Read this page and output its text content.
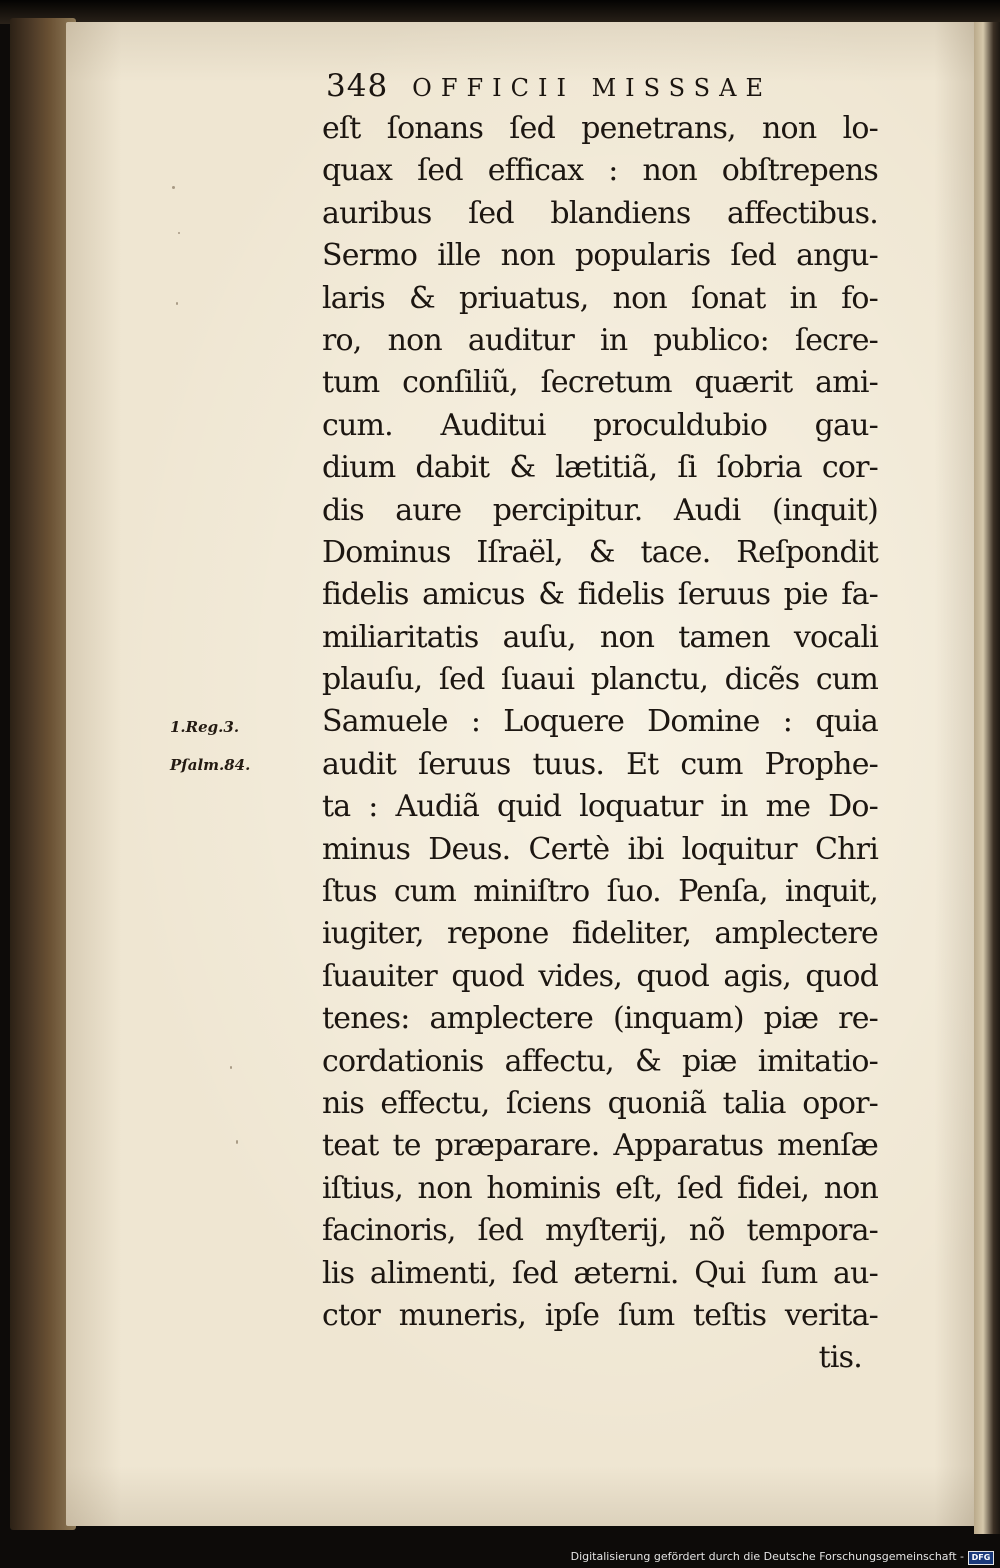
348 OFFICII MISSSAE
eſt ſonans ſed penetrans, non lo-
quax ſed efficax : non obſtrepens
auribus ſed blandiens affectibus.
Sermo ille non popularis ſed angu-
laris & priuatus, non ſonat in fo-
ro, non auditur in publico: ſecre-
tum conſiliũ, ſecretum quærit ami-
cum. Auditui proculdubio gau-
dium dabit & lætitiã, ſi ſobria cor-
dis aure percipitur. Audi (inquit)
Dominus Iſraël, & tace. Reſpondit
fidelis amicus & fidelis ſeruus pie fa-
miliaritatis auſu, non tamen vocali
plauſu, ſed ſuaui planctu, dicẽs cum
Samuele : Loquere Domine : quia
audit ſeruus tuus. Et cum Prophe-
ta : Audiã quid loquatur in me Do-
minus Deus. Certè ibi loquitur Chri
ſtus cum miniſtro ſuo. Penſa, inquit,
iugiter, repone fideliter, amplectere
ſuauiter quod vides, quod agis, quod
tenes: amplectere (inquam) piæ re-
cordationis affectu, & piæ imitatio-
nis effectu, ſciens quoniã talia opor-
teat te præparare. Apparatus menſæ
iſtius, non hominis eſt, ſed fidei, non
facinoris, ſed myſterij, nõ tempora-
lis alimenti, ſed æterni. Qui ſum au-
ctor muneris, ipſe ſum teſtis verita-
tis.
1.Reg.3.
Pſalm.84.
Digitalisierung gefördert durch die Deutsche Forschungsgemeinschaft - DFG
